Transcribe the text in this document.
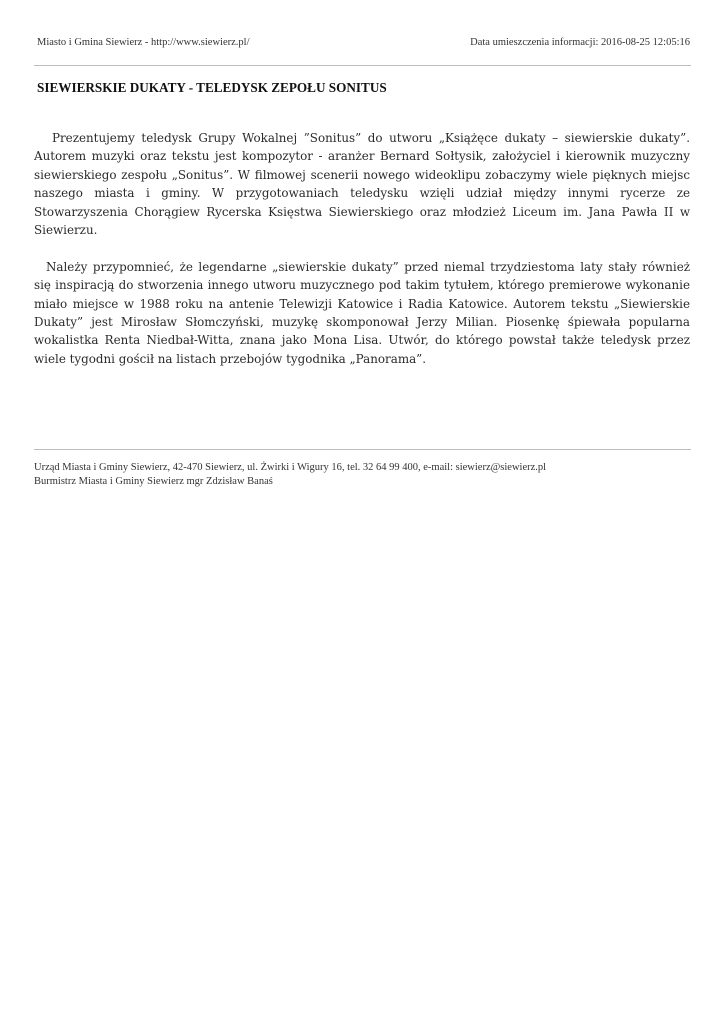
Miasto i Gmina Siewierz - http://www.siewierz.pl/	Data umieszczenia informacji: 2016-08-25 12:05:16
SIEWIERSKIE DUKATY - TELEDYSK ZEPOŁU SONITUS

Prezentujemy teledysk Grupy Wokalnej ”Sonitus” do utworu „Książęce dukaty – siewierskie dukaty”. Autorem muzyki oraz tekstu jest kompozytor - aranżer Bernard Sołtysik, założyciel i kierownik muzyczny siewierskiego zespołu „Sonitus”. W filmowej scenerii nowego wideoklipu zobaczymy wiele pięknych miejsc naszego miasta i gminy. W przygotowaniach teledysku wzięli udział między innymi rycerze ze Stowarzyszenia Chorągiew Rycerska Księstwa Siewierskiego oraz młodzież Liceum im. Jana Pawła II w Siewierzu.

Należy przypomnieć, że legendarne „siewierskie dukaty” przed niemal trzydziestoma laty stały również się inspiracją do stworzenia innego utworu muzycznego pod takim tytułem, którego premierowe wykonanie miało miejsce w 1988 roku na antenie Telewizji Katowice i Radia Katowice. Autorem tekstu „Siewierskie Dukaty” jest Mirosław Słomczyński, muzykę skomponował Jerzy Milian. Piosenkę śpiewała popularna wokalistka Renta Niedbał-Witta, znana jako Mona Lisa. Utwór, do którego powstał także teledysk przez wiele tygodni gościł na listach przebojów tygodnika „Panorama”.

Urząd Miasta i Gminy Siewierz, 42-470 Siewierz, ul. Żwirki i Wigury 16, tel. 32 64 99 400, e-mail: siewierz@siewierz.pl
Burmistrz Miasta i Gminy Siewierz mgr Zdzisław Banaś
